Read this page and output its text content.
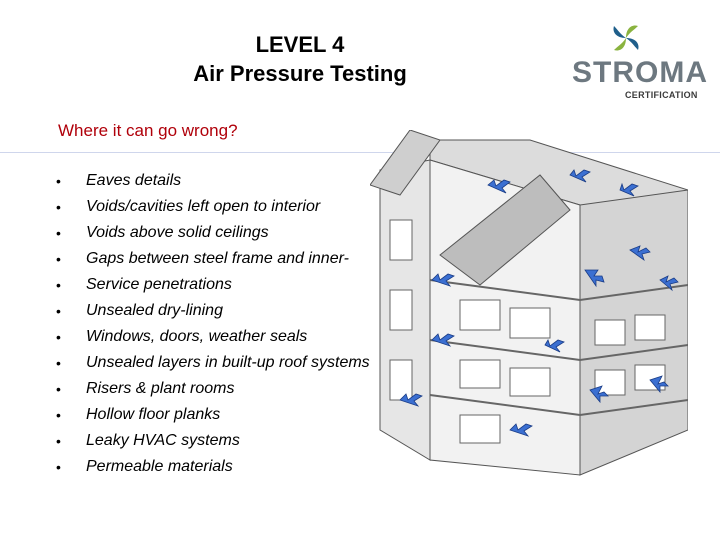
LEVEL 4
Air Pressure Testing	STROMA
CERTIFICATION
Where it can go wrong?
• Eaves details
• Voids/cavities left open to interior
• Voids above solid ceilings
• Gaps between steel frame and inner-
• Service penetrations
• Unsealed dry-lining
• Windows, doors, weather seals
• Unsealed layers in built-up roof systems
• Risers & plant rooms
• Hollow floor planks
• Leaky HVAC systems
• Permeable materials
